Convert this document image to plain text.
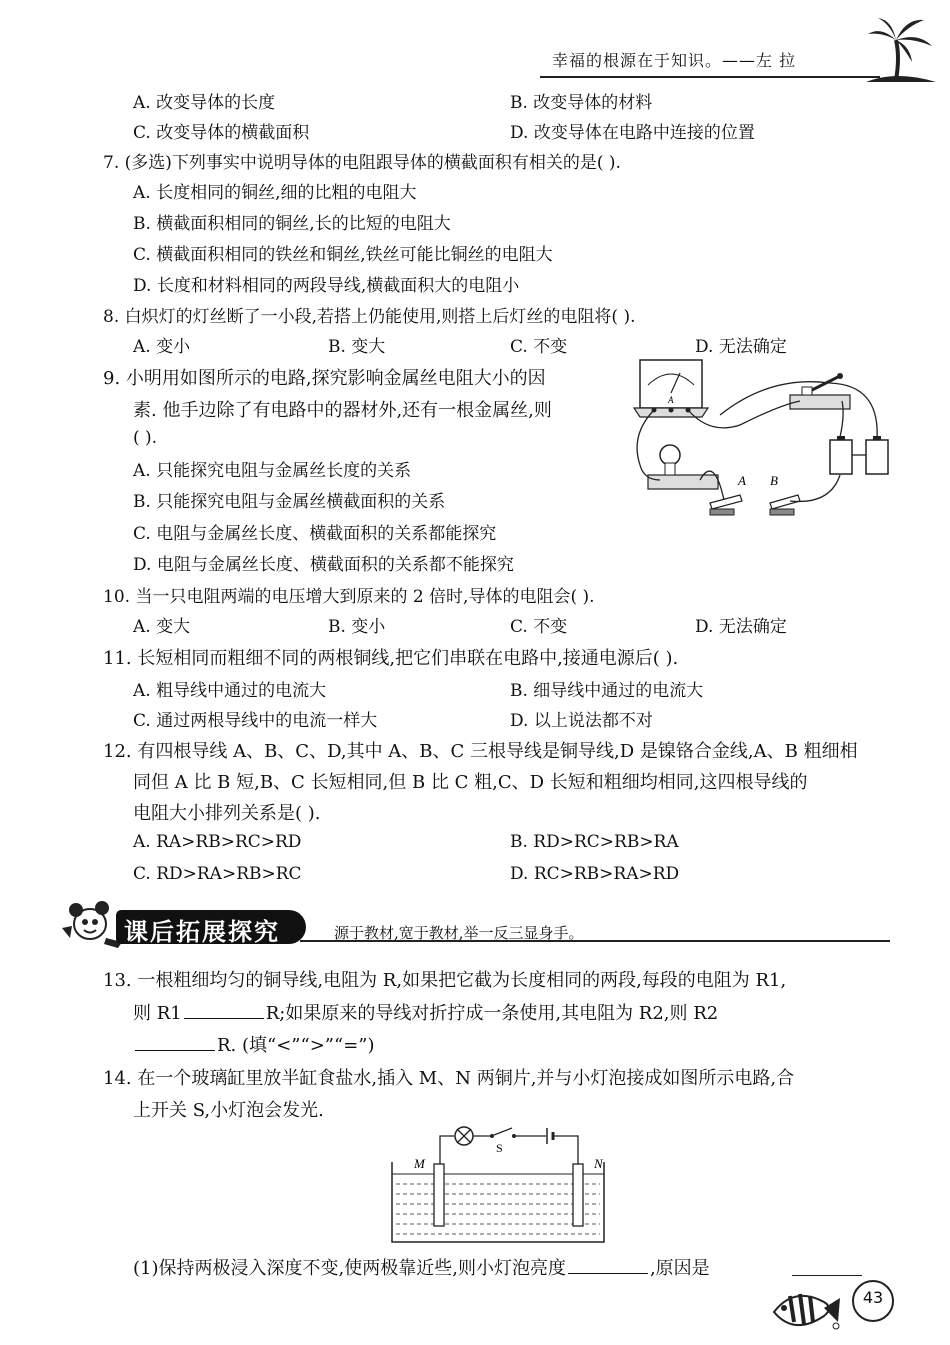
幸福的根源在于知识。——左 拉
A. 改变导体的长度	B. 改变导体的材料
C. 改变导体的横截面积	D. 改变导体在电路中连接的位置
7. (多选)下列事实中说明导体的电阻跟导体的横截面积有相关的是( ).
A. 长度相同的铜丝,细的比粗的电阻大
B. 横截面积相同的铜丝,长的比短的电阻大
C. 横截面积相同的铁丝和铜丝,铁丝可能比铜丝的电阻大
D. 长度和材料相同的两段导线,横截面积大的电阻小
8. 白炽灯的灯丝断了一小段,若搭上仍能使用,则搭上后灯丝的电阻将( ).
A. 变小	B. 变大	C. 不变	D. 无法确定
9. 小明用如图所示的电路,探究影响金属丝电阻大小的因
素. 他手边除了有电路中的器材外,还有一根金属丝,则
( ).
A. 只能探究电阻与金属丝长度的关系
B. 只能探究电阻与金属丝横截面积的关系
C. 电阻与金属丝长度、横截面积的关系都能探究
D. 电阻与金属丝长度、横截面积的关系都不能探究
A
A B
10. 当一只电阻两端的电压增大到原来的 2 倍时,导体的电阻会( ).
A. 变大	B. 变小	C. 不变	D. 无法确定
11. 长短相同而粗细不同的两根铜线,把它们串联在电路中,接通电源后( ).
A. 粗导线中通过的电流大	B. 细导线中通过的电流大
C. 通过两根导线中的电流一样大	D. 以上说法都不对
12. 有四根导线 A、B、C、D,其中 A、B、C 三根导线是铜导线,D 是镍铬合金线,A、B 粗细相
同但 A 比 B 短,B、C 长短相同,但 B 比 C 粗,C、D 长短和粗细均相同,这四根导线的
电阻大小排列关系是( ).
A. RA>RB>RC>RD	B. RD>RC>RB>RA
C. RD>RA>RB>RC	D. RC>RB>RA>RD
课后拓展探究	源于教材,宽于教材,举一反三显身手。
13. 一根粗细均匀的铜导线,电阻为 R,如果把它截为长度相同的两段,每段的电阻为 R1,
则 R1	R;如果原来的导线对折拧成一条使用,其电阻为 R2,则 R2
R. (填“<”“>”“=”)
14. 在一个玻璃缸里放半缸食盐水,插入 M、N 两铜片,并与小灯泡接成如图所示电路,合
上开关 S,小灯泡会发光.
S
M	N
(1)保持两极浸入深度不变,使两极靠近些,则小灯泡亮度	,原因是
43
